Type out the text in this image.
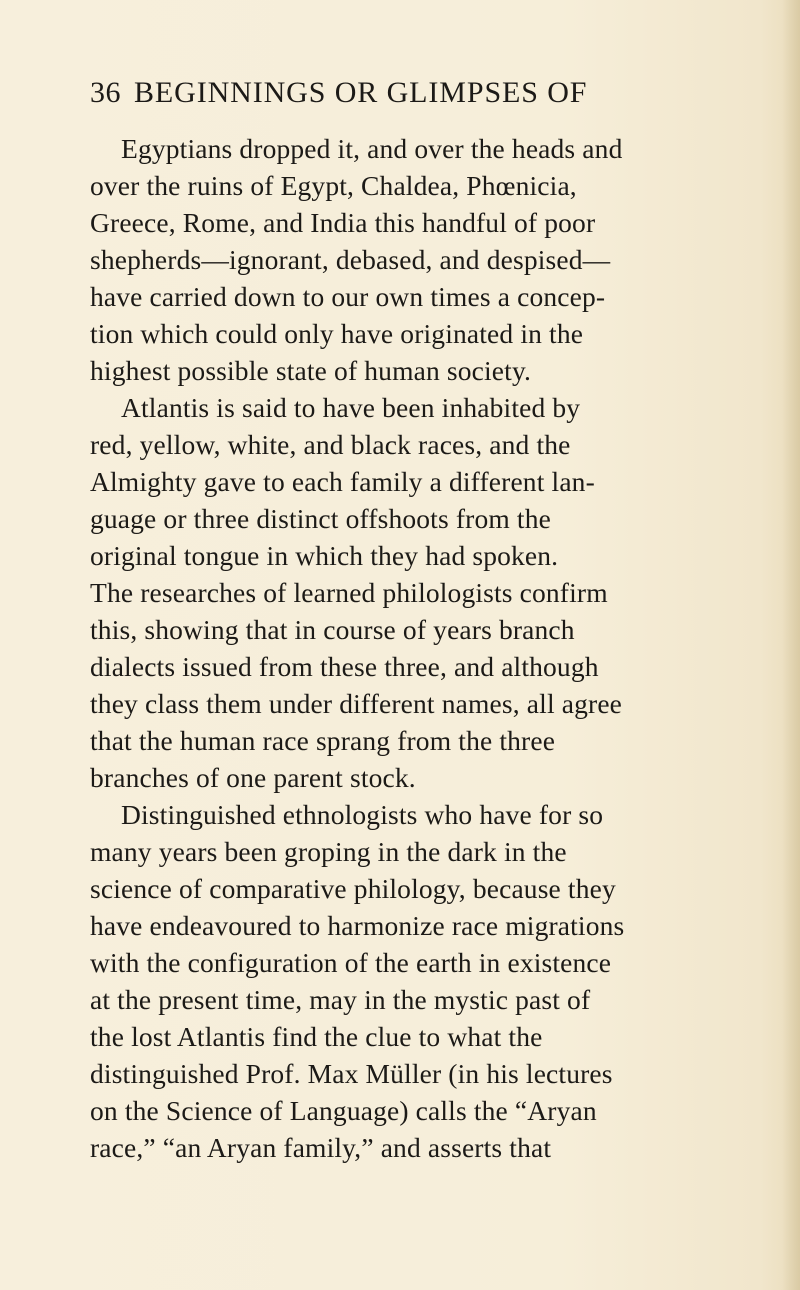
36 BEGINNINGS OR GLIMPSES OF
Egyptians dropped it, and over the heads and
over the ruins of Egypt, Chaldea, Phœnicia,
Greece, Rome, and India this handful of poor
shepherds—ignorant, debased, and despised—
have carried down to our own times a concep-
tion which could only have originated in the
highest possible state of human society.
Atlantis is said to have been inhabited by
red, yellow, white, and black races, and the
Almighty gave to each family a different lan-
guage or three distinct offshoots from the
original tongue in which they had spoken.
The researches of learned philologists confirm
this, showing that in course of years branch
dialects issued from these three, and although
they class them under different names, all agree
that the human race sprang from the three
branches of one parent stock.
Distinguished ethnologists who have for so
many years been groping in the dark in the
science of comparative philology, because they
have endeavoured to harmonize race migrations
with the configuration of the earth in existence
at the present time, may in the mystic past of
the lost Atlantis find the clue to what the
distinguished Prof. Max Müller (in his lectures
on the Science of Language) calls the “Aryan
race,” “an Aryan family,” and asserts that
